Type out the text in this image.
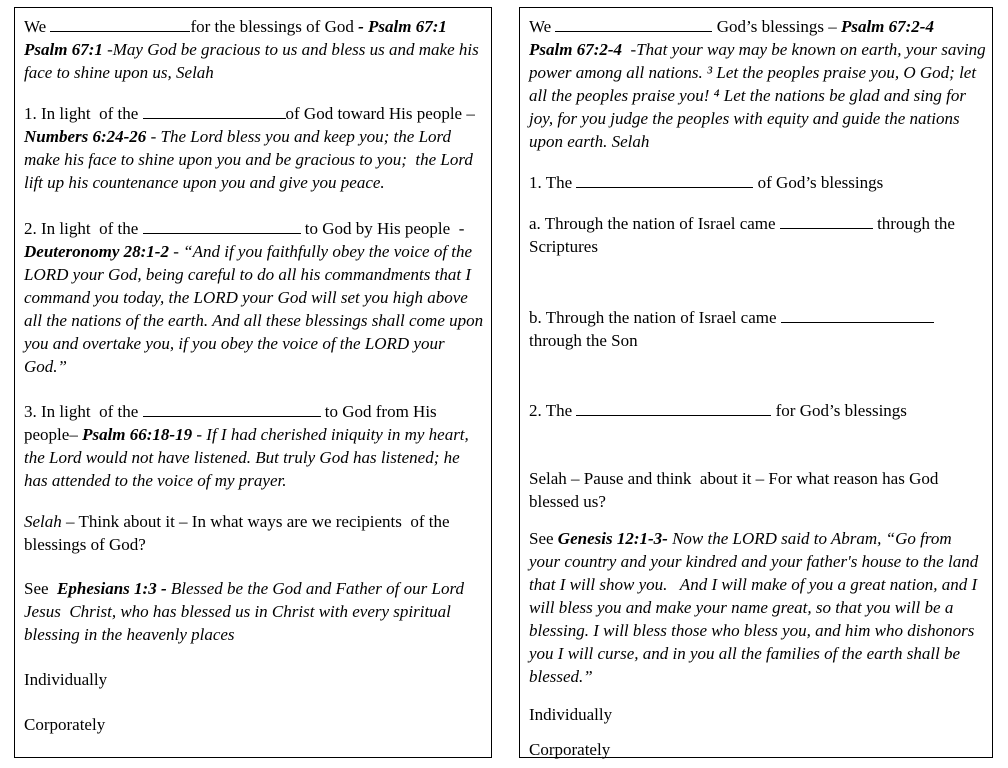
We	for the blessings of God - Psalm 67:1
Psalm 67:1 -May God be gracious to us and bless us and make his face to shine upon us, Selah

1. In light  of the	of God toward His people – Numbers 6:24-26 - The Lord bless you and keep you; the Lord make his face to shine upon you and be gracious to you;  the Lord lift up his countenance upon you and give you peace.

2. In light  of the	to God by His people  - Deuteronomy 28:1-2 - “And if you faithfully obey the voice of the LORD your God, being careful to do all his commandments that I command you today, the LORD your God will set you high above all the nations of the earth. And all these blessings shall come upon you and overtake you, if you obey the voice of the LORD your God.”

3. In light  of the	to God from His people– Psalm 66:18-19 - If I had cherished iniquity in my heart, the Lord would not have listened. But truly God has listened; he has attended to the voice of my prayer.

Selah – Think about it – In what ways are we recipients  of the blessings of God?

See  Ephesians 1:3 - Blessed be the God and Father of our Lord Jesus  Christ, who has blessed us in Christ with every spiritual blessing in the heavenly places

Individually

Corporately

We	God’s blessings – Psalm 67:2-4
Psalm 67:2-4  -That your way may be known on earth, your saving power among all nations. ³ Let the peoples praise you, O God; let all the peoples praise you! ⁴ Let the nations be glad and sing for joy, for you judge the peoples with equity and guide the nations upon earth. Selah

1. The	of God’s blessings

a. Through the nation of Israel came	through the Scriptures

b. Through the nation of Israel came	through the Son

2. The	for God’s blessings

Selah – Pause and think  about it – For what reason has God blessed us?

See Genesis 12:1-3- Now the LORD said to Abram, “Go from your country and your kindred and your father's house to the land that I will show you.   And I will make of you a great nation, and I will bless you and make your name great, so that you will be a blessing. I will bless those who bless you, and him who dishonors you I will curse, and in you all the families of the earth shall be blessed.”

Individually

Corporately
